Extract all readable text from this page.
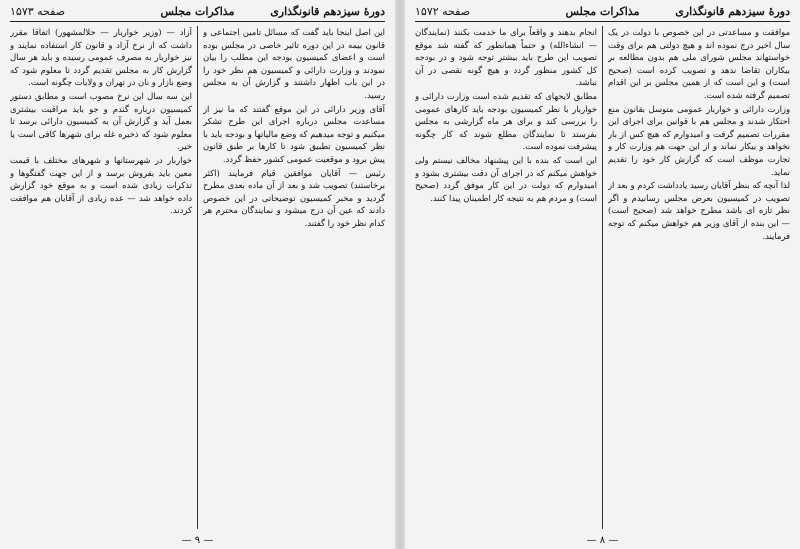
دورهٔ سیزدهم قانونگذاری
مذاکرات مجلس
صفحه ۱۵۷۳

این اصل اینجا باید گفت که مسائل تامین اجتماعی و قانون بیمه در این دوره تاثیر خاصی در مجلس بوده است و اعضای کمیسیون بودجه این مطلب را بیان نمودند و وزارت دارائی و کمیسیون هم نظر خود را در این باب اظهار داشتند و گزارش آن به مجلس رسید.

آقای وزیر دارائی در این موقع گفتند که ما نیز از مساعدت مجلس درباره اجرای این طرح تشکر میکنیم و توجه میدهیم که وضع مالیاتها و بودجه باید با نظر کمیسیون تطبیق شود تا کارها بر طبق قانون پیش برود و موقعیت عمومی کشور حفظ گردد.

رئیس — آقایان موافقین قیام فرمایند (اکثر برخاستند) تصویب شد و بعد از آن ماده بعدی مطرح گردید و مخبر کمیسیون توضیحاتی در این خصوص دادند که عین آن درج میشود و نمایندگان محترم هر کدام نظر خود را گفتند.

آزاد — (وزیر خواربار — حلالمشهور) اتفاقا مقرر داشت که از نرخ آزاد و قانون کار استفاده نمایند و نیز خواربار به مصرف عمومی رسیده و باید هر سال گزارش کار به مجلس تقدیم گردد تا معلوم شود که وضع بازار و نان در تهران و ولایات چگونه است.

این سه سال این نرخ مصوب است و مطابق دستور کمیسیون درباره گندم و جو باید مراقبت بیشتری بعمل آید و گزارش آن به کمیسیون دارائی برسد تا معلوم شود که ذخیره غله برای شهرها کافی است یا خیر.

خواربار در شهرستانها و شهرهای مختلف با قیمت معین باید بفروش برسد و از این جهت گفتگوها و تذکرات زیادی شده است و به موقع خود گزارش داده خواهد شد — عده زیادی از آقایان هم موافقت کردند.

— ۹ —
دورهٔ سیزدهم قانونگذاری
مذاکرات مجلس
صفحه ۱۵۷۲

موافقت و مساعدتی در این خصوص با دولت در یک سال اخیر درج نموده اند و هیچ دولتی هم برای وقت خواستهاند مجلس شورای ملی هم بدون مطالعه بر بیکاران تقاضا ندهد و تصویب کرده است (صحیح است) و این است که از همین مجلس بر این اقدام تصمیم گرفته شده است.

وزارت دارائی و خواربار عمومی متوسل بقانون منع احتکار شدند و مجلس هم با قوانین برای اجرای این مقررات تصمیم گرفت و امیدوارم که هیچ کس از بار نخواهد و بیکار نماند و از این جهت هم وزارت کار و تجارت موظف است که گزارش کار خود را تقدیم نماید.

لذا آنچه که بنظر آقایان رسید یادداشت کردم و بعد از تصویب در کمیسیون بعرض مجلس رسانیدم و اگر نظر تازه ای باشد مطرح خواهد شد (صحیح است) — این بنده از آقای وزیر هم خواهش میکنم که توجه فرمایند.

انجام بدهند و واقعاً برای ما خدمت بکنند (نمایندگان — انشاءالله) و حتماً همانطور که گفته شد موقع تصویب این طرح باید بیشتر توجه شود و در بودجه کل کشور منظور گردد و هیچ گونه نقصی در آن نباشد.

مطابق لایحهای که تقدیم شده است وزارت دارائی و خواربار با نظر کمیسیون بودجه باید کارهای عمومی را بررسی کند و برای هر ماه گزارشی به مجلس بفرستد تا نمایندگان مطلع شوند که کار چگونه پیشرفت نموده است.

این است که بنده با این پیشنهاد مخالف نیستم ولی خواهش میکنم که در اجرای آن دقت بیشتری بشود و امیدوارم که دولت در این کار موفق گردد (صحیح است) و مردم هم به نتیجه کار اطمینان پیدا کنند.

— ۸ —
